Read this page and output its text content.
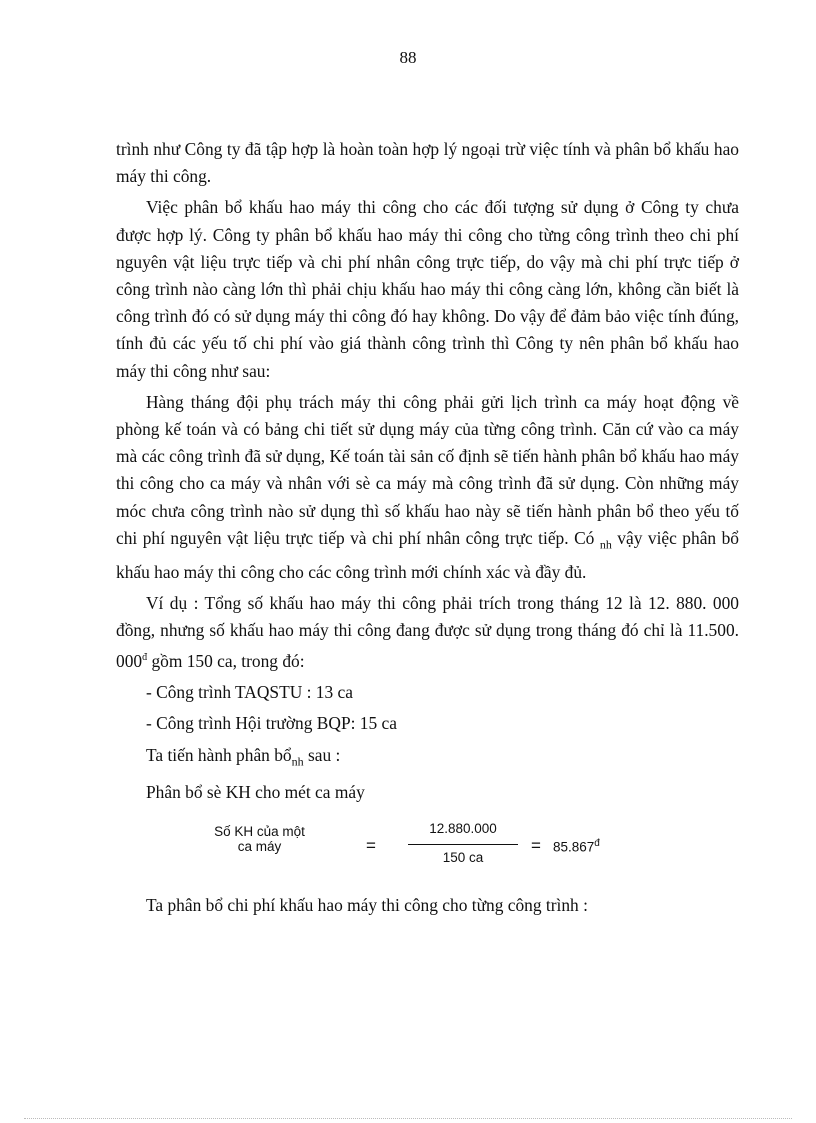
88

trình như Công ty đã tập hợp là hoàn toàn hợp lý ngoại trừ việc tính và phân bổ khấu hao máy thi công.

Việc phân bổ khấu hao máy thi công cho các đối tượng sử dụng ở Công ty chưa được hợp lý. Công ty phân bổ khấu hao máy thi công cho từng công trình theo chi phí nguyên vật liệu trực tiếp và chi phí nhân công trực tiếp, do vậy mà chi phí trực tiếp ở công trình nào càng lớn thì phải chịu khấu hao máy thi công càng lớn, không cần biết là công trình đó có sử dụng máy thi công đó hay không. Do vậy để đảm bảo việc tính đúng, tính đủ các yếu tố chi phí vào giá thành công trình thì Công ty nên phân bổ khấu hao máy thi công như sau:

Hàng tháng đội phụ trách máy thi công phải gửi lịch trình ca máy hoạt động về phòng kế toán và có bảng chi tiết sử dụng máy của từng công trình. Căn cứ vào ca máy mà các công trình đã sử dụng, Kế toán tài sản cố định sẽ tiến hành phân bổ khấu hao máy thi công cho ca máy và nhân với sè ca máy mà công trình đã sử dụng. Còn những máy móc chưa công trình nào sử dụng thì số khấu hao này sẽ tiến hành phân bổ theo yếu tố chi phí nguyên vật liệu trực tiếp và chi phí nhân công trực tiếp. Có $_{nh}$ vậy việc phân bổ khấu hao máy thi công cho các công trình mới chính xác và đầy đủ.

Ví dụ : Tổng số khấu hao máy thi công phải trích trong tháng 12 là 12. 880. 000 đồng, nhưng số khấu hao máy thi công đang được sử dụng trong tháng đó chỉ là 11.500. $000^đ$ gồm 150 ca, trong đó:

- Công trình TAQSTU : 13 ca
- Công trình Hội trường BQP: 15 ca
Ta tiến hành phân bổ$_{nh}$ sau :
Phân bổ sè KH cho mét ca máy
Số KH của một
ca máy	=
12.880.000
150 ca
= $85.867^đ$
Ta phân bổ chi phí khấu hao máy thi công cho từng công trình :
